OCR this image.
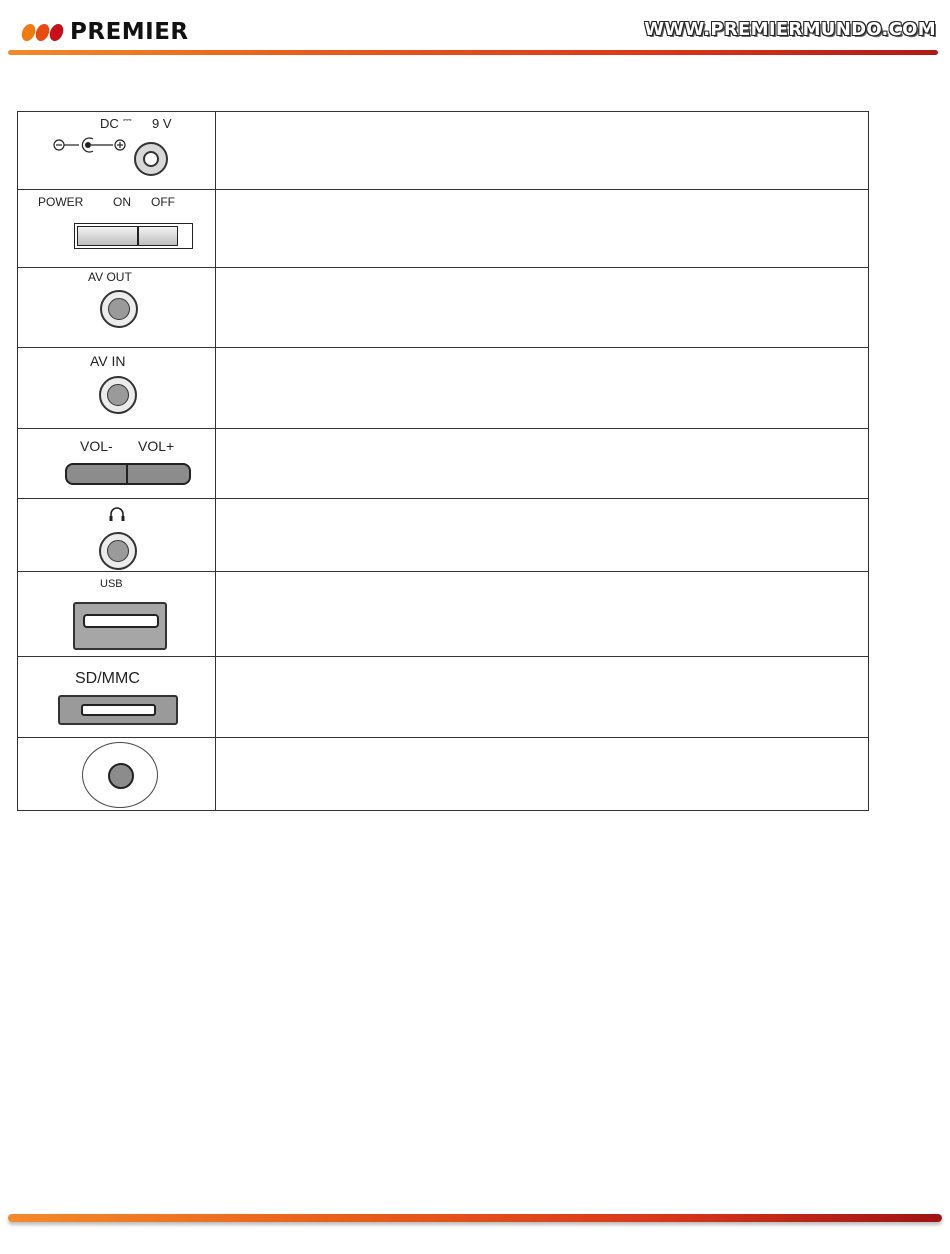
PREMIER	WWW.PREMIERMUNDO.COM
DC ⎓ 9 V	

POWER ON OFF	

AV OUT	

AV IN	

VOL- VOL+	

USB	

SD/MMC	
